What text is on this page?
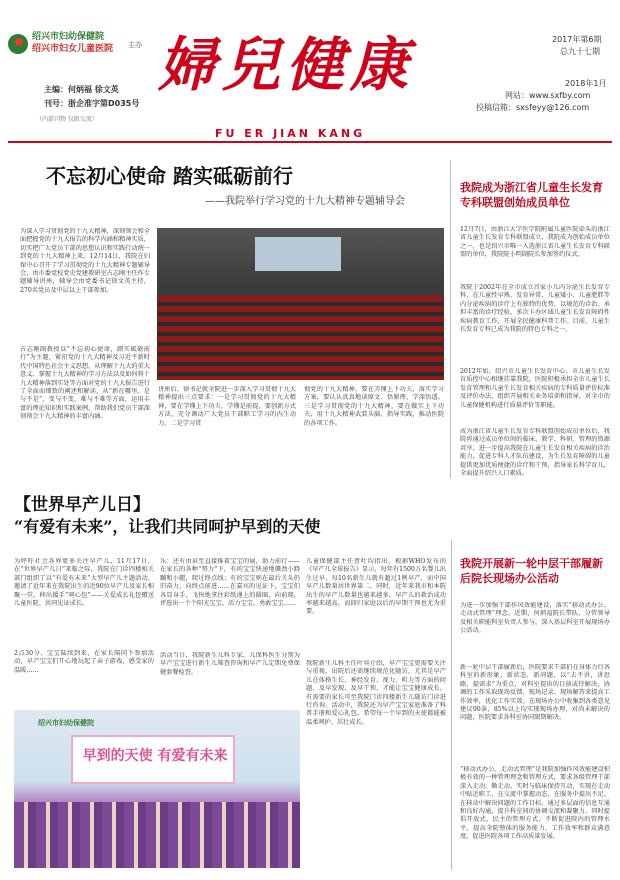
绍兴市妇幼保健院
绍兴市妇女儿童医院 主办 婦兒健康
FU ER JIAN KANG
主编：何炳福 徐文英
刊号：浙企准字第D035号
（内部刊物 仅限交流）
2017年第6期
总九十七期
2018年1月
网站：www.sxfby.com
投稿信箱：sxsfeyy@126.com
不忘初心使命 踏实砥砺前行
——我院举行学习党的十九大精神专题辅导会
为深入学习贯彻党的十九大精神，深刻领会和全面把握党的十九大报告的科学内涵和精神实质，切实把广大党员干部的思想认识和实践行动统一到党的十九大精神上来。12月14日，我院在妇保中心召开了学习贯彻党的十九大精神专题辅导会，由市委党校党史党建教研室占志刚主任作专题辅导讲座，辅导会由党委书记徐文英主持，270名党员及中层以上干部参加。
占志刚副教授以“不忘初心使命，踏实砥砺前行”为主题，紧扣党的十九大精神及习近平新时代中国特色社会主义思想，从理解十九大的重大意义、掌握十九大精神的学习方法以及如何将十九大精神落到实处等方面对党的十九大报告进行了全面而细致的阐述和解读，从“新在哪里、是与不是”、变与不变，难与不难等方面，运用丰富的理论知识和实践案例，帮助我们党员干部深刻领会十九大精神的丰富内涵。
讲座后，徐书记就全院进一步深入学习贯彻十九大精神提出三点要求：一是学习贯彻党的十九大精神，要在学懂上下功夫，学懂是前提，要创新方式方法，充分调动广大党员干部职工学习的内生动力。二是学习贯
彻党的十九大精神，要在弄懂上下功夫，落实学习方案，要认认真真地读原文、悟原理、学深悟透。三是学习贯彻党的十九大精神，要在做实上下功夫，用十九大精神武装头脑、指导实践，推动医院的各项工作。
我院成为浙江省儿童生长发育专科联盟创始成员单位
12月7日，由浙江大学医学院附属儿童医院牵头的浙江省儿童生长发育专科联盟成立，我院成为创始成员单位之一，也是绍兴市唯一入选浙江省儿童生长发育专科联盟的单位，我院院小明副院长参加签约仪式。
我院于2002年在全市成立首家小儿内分泌生长发育专科，在儿童性早熟、发育异常、儿童矮小、儿童肥胖等内分泌疾病的诊疗上有独特的优势，以规范的诊治、承担丰富的诊疗经验，多次卡办区域儿童生长发育障碍性疾病教育工作，开展全民健康科普工作。目前，儿童生长发育专科已成为我院的特色专科之一。
2012年始，绍兴市儿童生长发育中心、市儿童生长发育质控中心相继挂靠我院，医院积极承担全市儿童生长发育管理和儿童生长发育相关疾病的专科质量评价标准及评价办法，组织开展相关业务培训和指导，对全市的儿童保健机构进行质量评价等职能。
成为浙江省儿童生长发育专科联盟创始成员单位后，我院将通过成员单位间的临床、教学、科研、管理的资源共享，进一步提高我院在儿童生长发育相关疾病的诊治能力，促进专科人才队伍建设，为生长发育障碍的儿童提供更加优质便捷的诊疗和干预，指导家长科学育儿，全面提升绍兴人口素质。
【世界早产儿日】
“有爱有未来”，让我们共同呵护早到的天使
为呼吁社会各界更多关注早产儿，11月17日，在“世界早产儿日”来临之际，我院在门诊四楼相关部门组织了以“有爱有未来”大型早产儿主题活动，邀请了近年来在我院出生的近90位早产儿及家长相聚一堂，伸出援手“呵心包”——关爱成长礼包赠送儿童医院、共同见证成长。
2点30分，宝宝陆续到来，在家长陪同下参加活动，早产宝宝们开心地玩起了亲子游戏，感受家的温暖……
乐：还有由甚至直接推着宝宝的展，助力前行——在家长的各种“努力”下，有的宝宝快速地撕劲小跷蹦和小腿，爬过终点线；有的宝宝则在最后关头仍旧奋力，向终点前进……在嘉宾的见证下，宝宝们各显身手，飞快地拿住彩纸递上的圆圈，向前爬，评选出一个个阳光宝宝、活力宝宝、勇敢宝宝……
活动当日，我院新生儿科专家、儿保科医生分别为早产宝宝进行新生儿筛查咨询和早产儿定期免费保健套餐检查。
儿童保健部主任曹叶均指出，根据WHO发布的《早产儿全球报告》显示，每年有1500万名婴儿出生过早，每10名新生儿就有超过1例早产，而中国早产儿数量居世界第二。同时，近年来我市和本院出生的早产儿数量也越来越多，早产儿的救治成功率越来越高，而回归家庭以后的早期干预也尤为重要。
我院新生儿科主任叶奕介绍，早产宝宝更需要关注与重视，出院后还需继续规范化随访，尤其是早产儿在体格生长、神经发育、视力、听力等方面的问题，及早发现、及早干预，才能让宝宝健康成长。有需要的家长可至我院门诊四楼新生儿随访门诊进行咨询。活动中，我院还为早产宝宝家庭准备了科普手册和爱心礼包，希望每一个早到的天使都能被温柔呵护、茁壮成长。
绍兴市妇幼保健院
早到的天使 有爱有未来
我院开展新一轮中层干部履新后院长现场办公活动
为进一步加强干部作风效能建设，落实“移动式办公、走动式管理”理念，近期，何炳福院长带队，分管领导及相关职能科室负责人参与，深入基层科室开展现场办公活动。
新一轮中层干部履新后，医院要求干部们在身体力行各科室的新形象，新状态，新问题，以“去不讲，讲思路，提需求”为重点，对科室提出的目前或待解决，协调的工作采取现场反馈、现场记录、现场解答来提高工作效率，优化工作实效。在现场办公中收集到各类意见建议90条，85%以上均实现现场办理，对尚未解决的问题，医院要求各科室协同限期解决。
“移动式办公、走动式管理”是我院加强作风效能建设积极有效的一种管理理念和管理方式，要求各级管理干部深入走动、勤走动、实时与临床保持互动，实现在走动中贴近职工，在交流中掌握动态，在服务中提出不足、在移动中解决问题的工作目标。通过多层面的信息互通和良好沟通，提升科室间的协调交流和凝聚力，同时提倡开放式、民主的管理方式，不断促进院内的管理水平，提高全院整体的服务能力、工作效率和群众满意度，促进医院各项工作高质量发展。
